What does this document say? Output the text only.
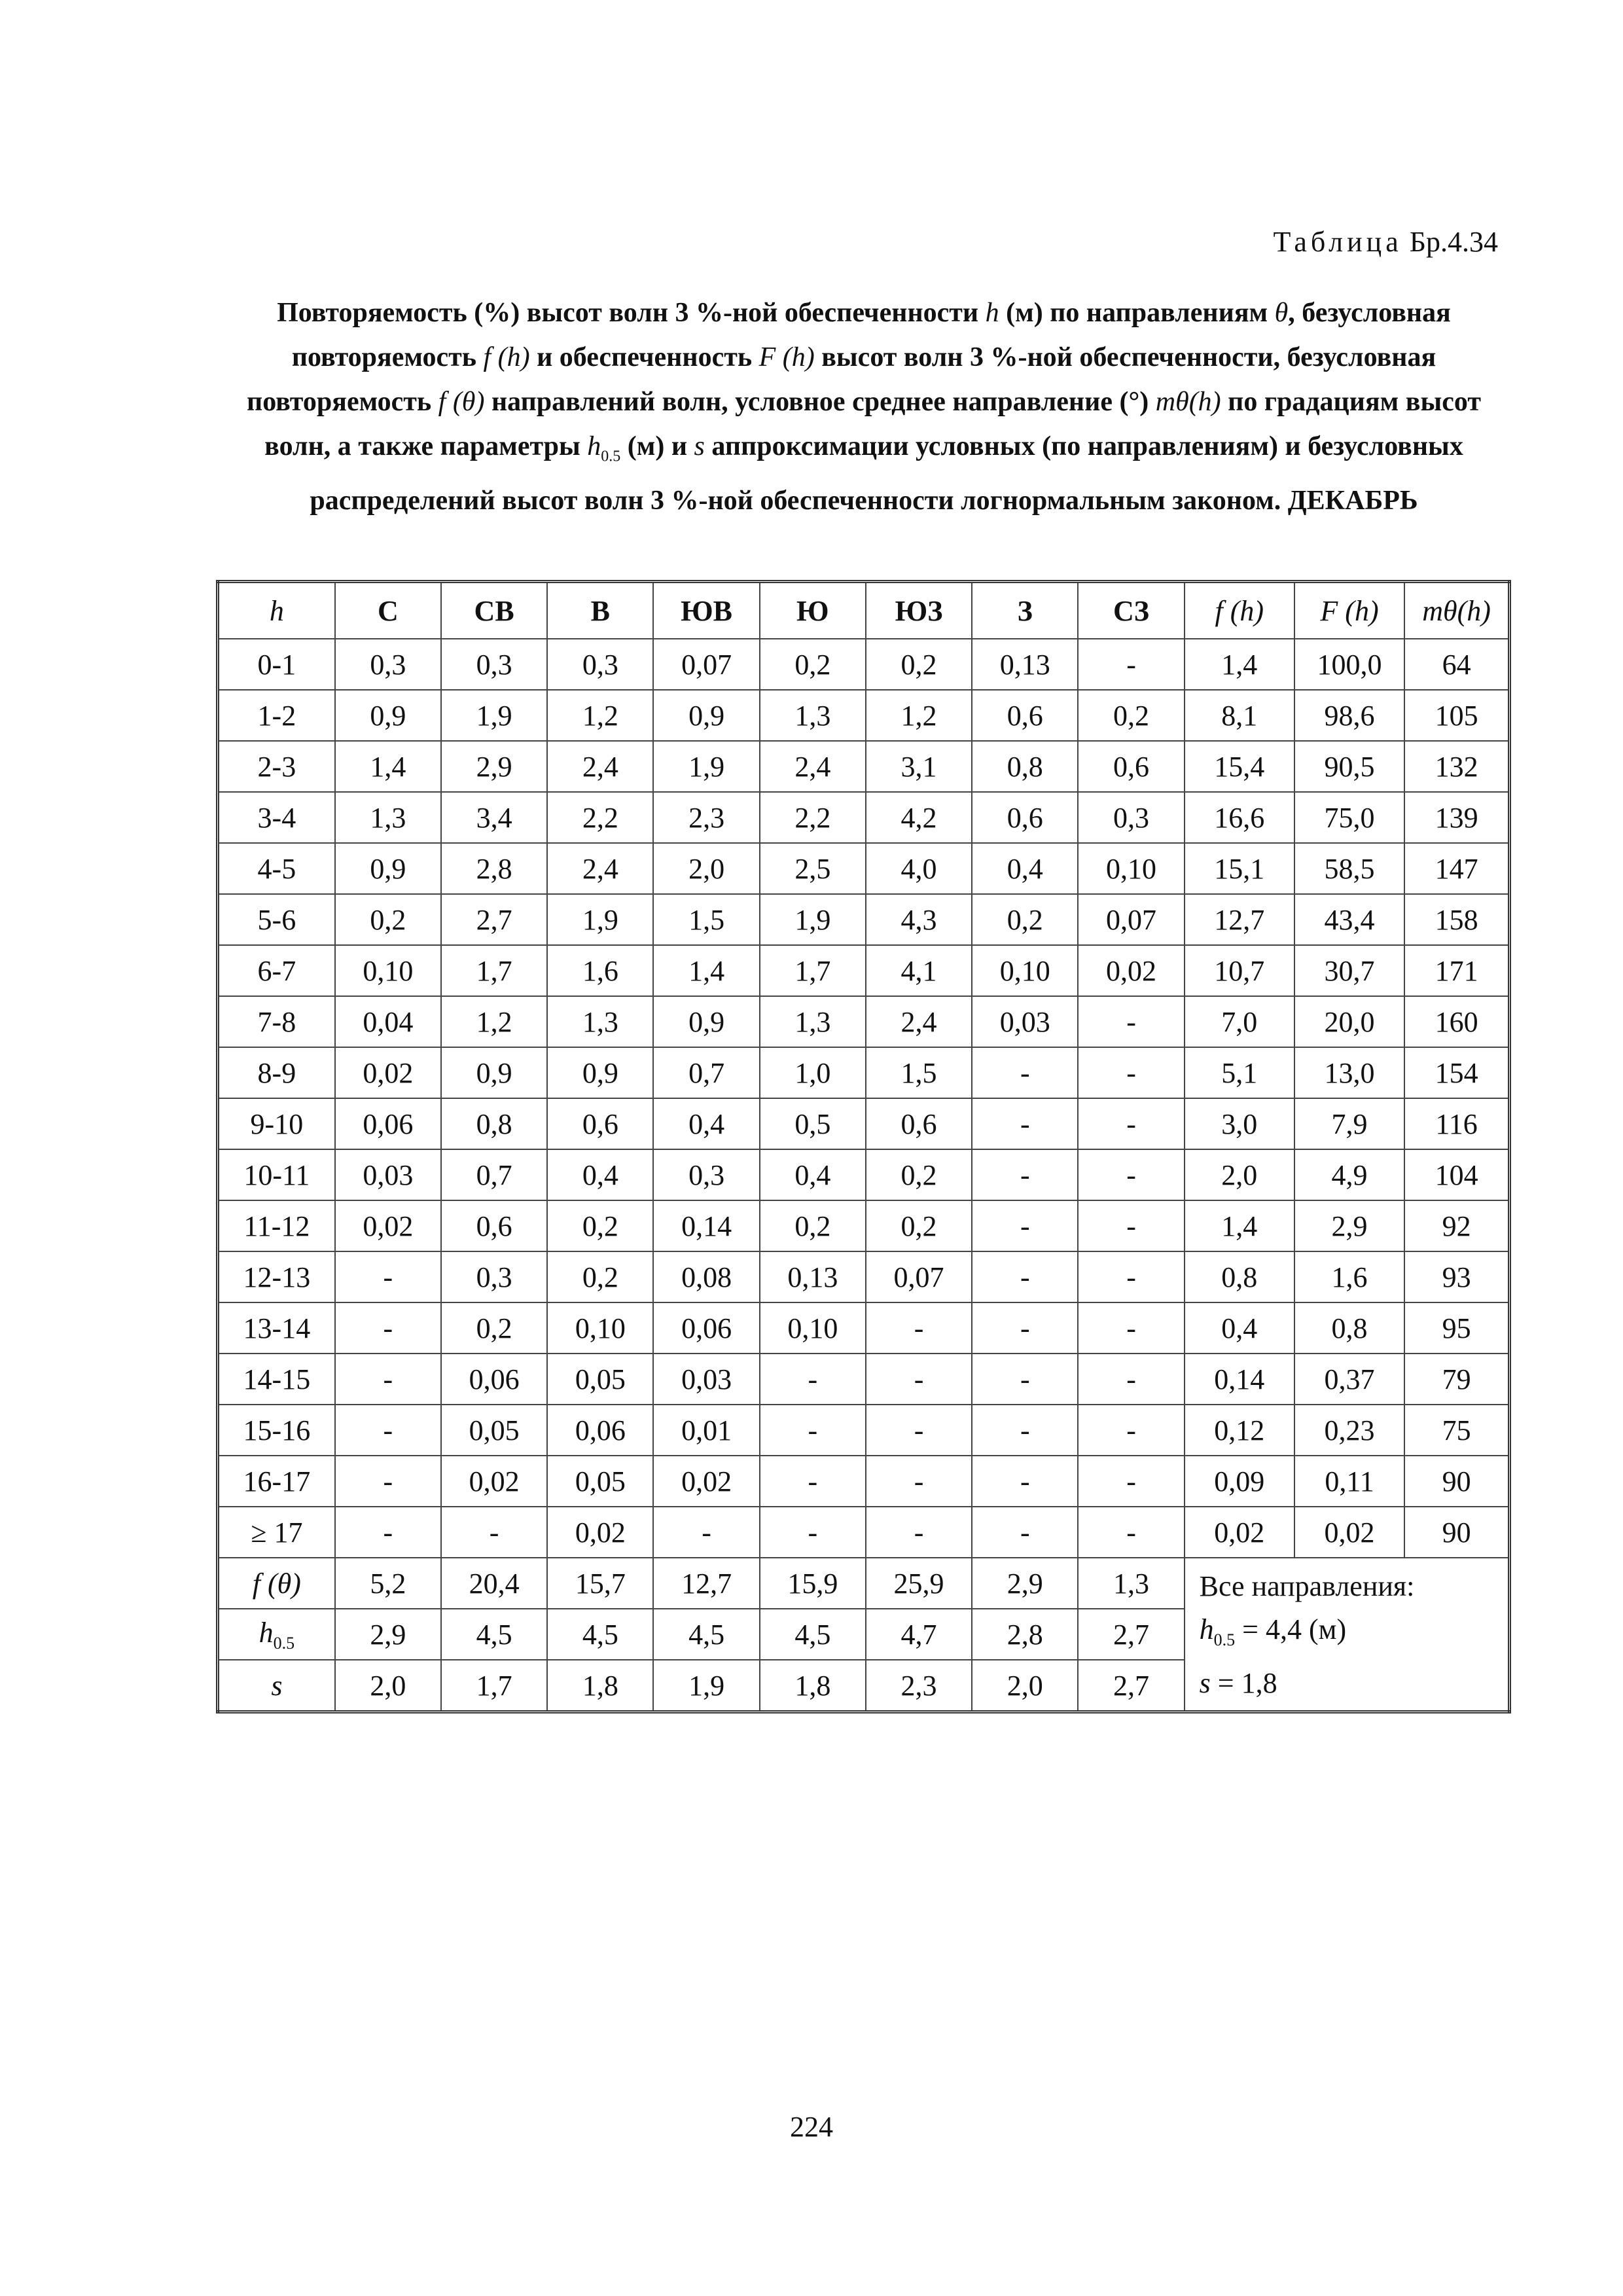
Таблица Бр.4.34
Повторяемость (%) высот волн 3 %-ной обеспеченности h (м) по направлениям θ, безусловная повторяемость f (h) и обеспеченность F (h) высот волн 3 %-ной обеспеченности, безусловная повторяемость f (θ) направлений волн, условное среднее направление (°) mθ(h) по градациям высот волн, а также параметры $h_{0.5}$ (м) и s аппроксимации условных (по направлениям) и безусловных распределений высот волн 3 %-ной обеспеченности логнормальным законом. ДЕКАБРЬ
h	С	СВ	В	ЮВ	Ю	ЮЗ	З	СЗ	f (h)	F (h)	mθ(h)
0-1	0,3	0,3	0,3	0,07	0,2	0,2	0,13	-	1,4	100,0	64
1-2	0,9	1,9	1,2	0,9	1,3	1,2	0,6	0,2	8,1	98,6	105
2-3	1,4	2,9	2,4	1,9	2,4	3,1	0,8	0,6	15,4	90,5	132
3-4	1,3	3,4	2,2	2,3	2,2	4,2	0,6	0,3	16,6	75,0	139
4-5	0,9	2,8	2,4	2,0	2,5	4,0	0,4	0,10	15,1	58,5	147
5-6	0,2	2,7	1,9	1,5	1,9	4,3	0,2	0,07	12,7	43,4	158
6-7	0,10	1,7	1,6	1,4	1,7	4,1	0,10	0,02	10,7	30,7	171
7-8	0,04	1,2	1,3	0,9	1,3	2,4	0,03	-	7,0	20,0	160
8-9	0,02	0,9	0,9	0,7	1,0	1,5	-	-	5,1	13,0	154
9-10	0,06	0,8	0,6	0,4	0,5	0,6	-	-	3,0	7,9	116
10-11	0,03	0,7	0,4	0,3	0,4	0,2	-	-	2,0	4,9	104
11-12	0,02	0,6	0,2	0,14	0,2	0,2	-	-	1,4	2,9	92
12-13	-	0,3	0,2	0,08	0,13	0,07	-	-	0,8	1,6	93
13-14	-	0,2	0,10	0,06	0,10	-	-	-	0,4	0,8	95
14-15	-	0,06	0,05	0,03	-	-	-	-	0,14	0,37	79
15-16	-	0,05	0,06	0,01	-	-	-	-	0,12	0,23	75
16-17	-	0,02	0,05	0,02	-	-	-	-	0,09	0,11	90
≥ 17	-	-	0,02	-	-	-	-	-	0,02	0,02	90
f (θ)	5,2	20,4	15,7	12,7	15,9	25,9	2,9	1,3	Все направления:
$h_{0.5} = 4,4$ (м)
s = 1,8		

$h_{0.5}$	2,9	4,5	4,5	4,5	4,5	4,7	2,8	2,7			
s	2,0	1,7	1,8	1,9	1,8	2,3	2,0	2,7			
224
